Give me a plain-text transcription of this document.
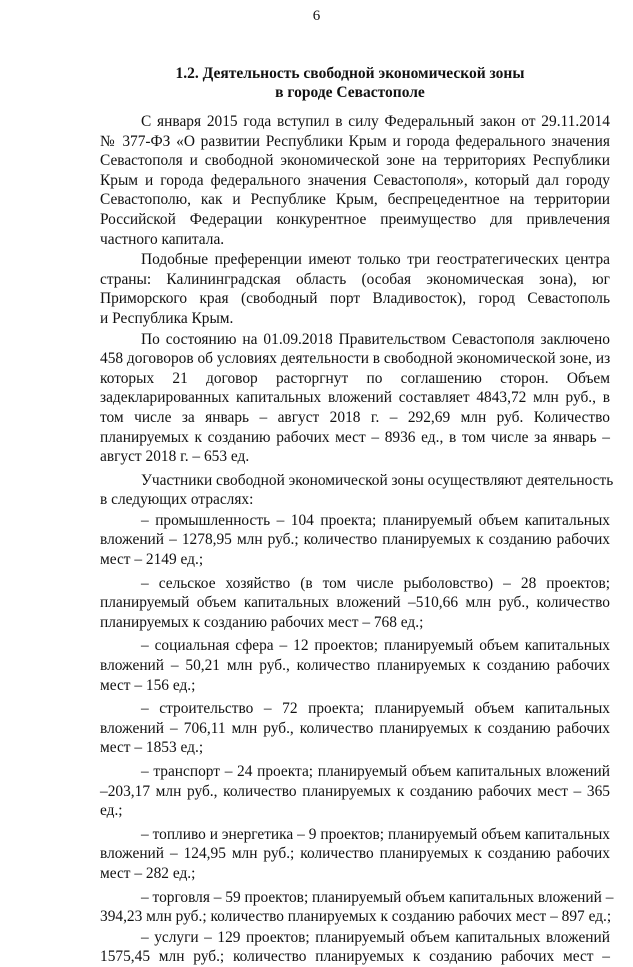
6
1.2. Деятельность свободной экономической зоны
в городе Севастополе
С января 2015 года вступил в силу Федеральный закон от 29.11.2014
№ 377-ФЗ «О развитии Республики Крым и города федерального значения
Севастополя и свободной экономической зоне на территориях Республики
Крым и города федерального значения Севастополя», который дал городу
Севастополю, как и Республике Крым, беспрецедентное на территории
Российской Федерации конкурентное преимущество для привлечения
частного капитала.
Подобные преференции имеют только три геостратегических центра
страны: Калининградская область (особая экономическая зона), юг
Приморского края (свободный порт Владивосток), город Севастополь
и Республика Крым.
По состоянию на 01.09.2018 Правительством Севастополя заключено
458 договоров об условиях деятельности в свободной экономической зоне, из
которых 21 договор расторгнут по соглашению сторон. Объем
задекларированных капитальных вложений составляет 4843,72 млн руб., в
том числе за январь – август 2018 г. – 292,69 млн руб. Количество
планируемых к созданию рабочих мест – 8936 ед., в том числе за январь –
август 2018 г. – 653 ед.
Участники свободной экономической зоны осуществляют деятельность
в следующих отраслях:
– промышленность – 104 проекта; планируемый объем капитальных
вложений – 1278,95 млн руб.; количество планируемых к созданию рабочих
мест – 2149 ед.;
– сельское хозяйство (в том числе рыболовство) – 28 проектов;
планируемый объем капитальных вложений –510,66 млн руб., количество
планируемых к созданию рабочих мест – 768 ед.;
– социальная сфера – 12 проектов; планируемый объем капитальных
вложений – 50,21 млн руб., количество планируемых к созданию рабочих
мест – 156 ед.;
– строительство – 72 проекта; планируемый объем капитальных
вложений – 706,11 млн руб., количество планируемых к созданию рабочих
мест – 1853 ед.;
– транспорт – 24 проекта; планируемый объем капитальных вложений
–203,17 млн руб., количество планируемых к созданию рабочих мест – 365
ед.;
– топливо и энергетика – 9 проектов; планируемый объем капитальных
вложений – 124,95 млн руб.; количество планируемых к созданию рабочих
мест – 282 ед.;
– торговля – 59 проектов; планируемый объем капитальных вложений –
394,23 млн руб.; количество планируемых к созданию рабочих мест – 897 ед.;
– услуги – 129 проектов; планируемый объем капитальных вложений
1575,45 млн руб.; количество планируемых к созданию рабочих мест –
